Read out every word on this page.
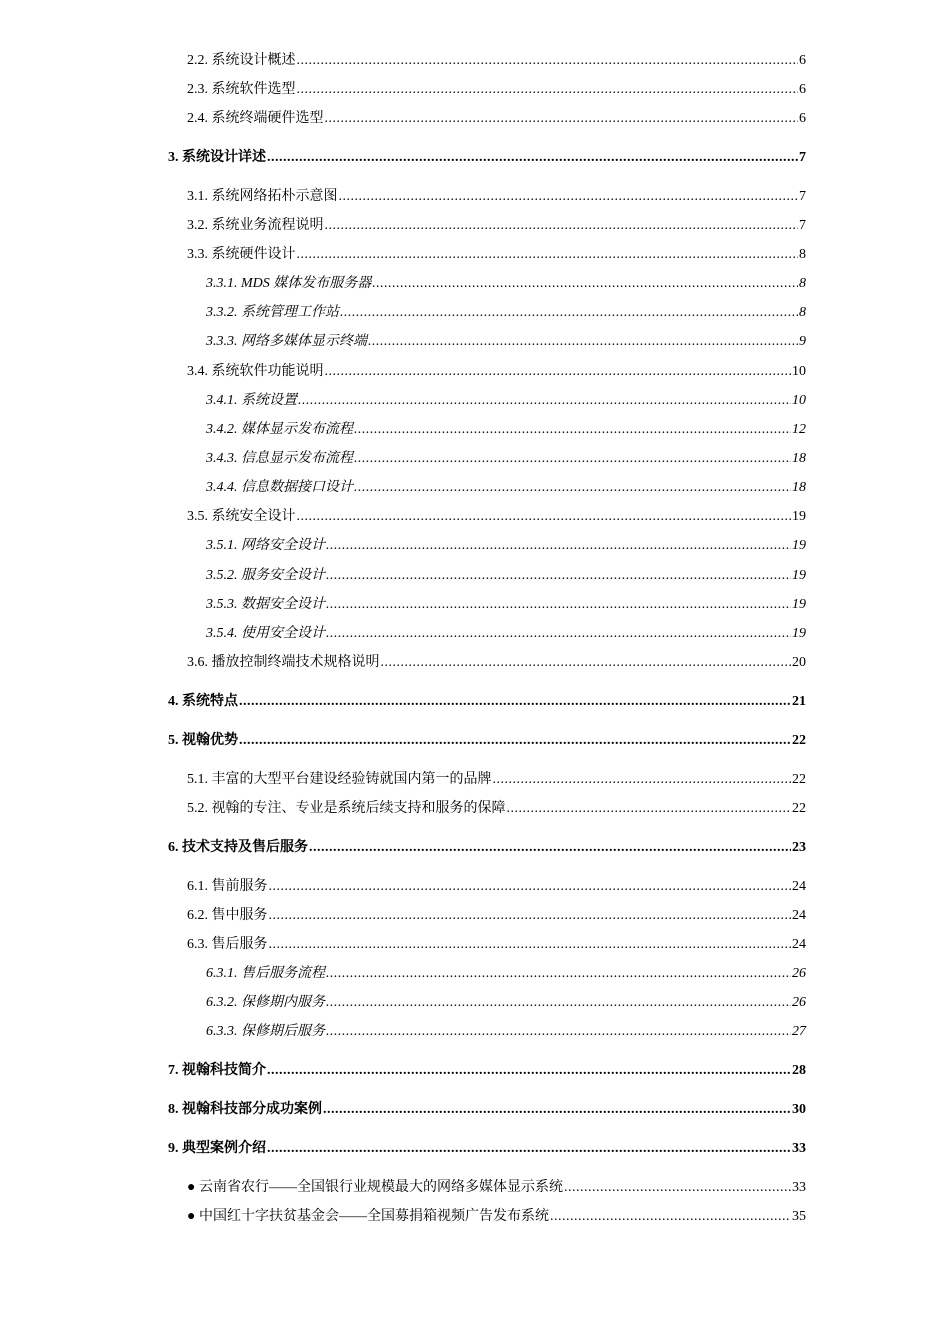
2.2. 系统设计概述 .....	6
2.3. 系统软件选型 .....	6
2.4. 系统终端硬件选型 .....	6
3. 系统设计详述 .....	7
3.1. 系统网络拓朴示意图 .....	7
3.2. 系统业务流程说明 .....	7
3.3. 系统硬件设计 .....	8
3.3.1. MDS 媒体发布服务器 .....	8
3.3.2. 系统管理工作站 .....	8
3.3.3. 网络多媒体显示终端 .....	9
3.4. 系统软件功能说明 .....	10
3.4.1. 系统设置 .....	10
3.4.2. 媒体显示发布流程 .....	12
3.4.3. 信息显示发布流程 .....	18
3.4.4. 信息数据接口设计 .....	18
3.5. 系统安全设计 .....	19
3.5.1. 网络安全设计 .....	19
3.5.2. 服务安全设计 .....	19
3.5.3. 数据安全设计 .....	19
3.5.4. 使用安全设计 .....	19
3.6. 播放控制终端技术规格说明 .....	20
4. 系统特点 .....	21
5. 视翰优势 .....	22
5.1. 丰富的大型平台建设经验铸就国内第一的品牌 .....	22
5.2. 视翰的专注、专业是系统后续支持和服务的保障 .....	22
6. 技术支持及售后服务 .....	23
6.1. 售前服务 .....	24
6.2. 售中服务 .....	24
6.3. 售后服务 .....	24
6.3.1. 售后服务流程 .....	26
6.3.2. 保修期内服务 .....	26
6.3.3. 保修期后服务 .....	27
7. 视翰科技简介 .....	28
8. 视翰科技部分成功案例 .....	30
9. 典型案例介绍 .....	33
● 云南省农行——全国银行业规模最大的网络多媒体显示系统 .....	33
● 中国红十字扶贫基金会——全国募捐箱视频广告发布系统 .....	35
